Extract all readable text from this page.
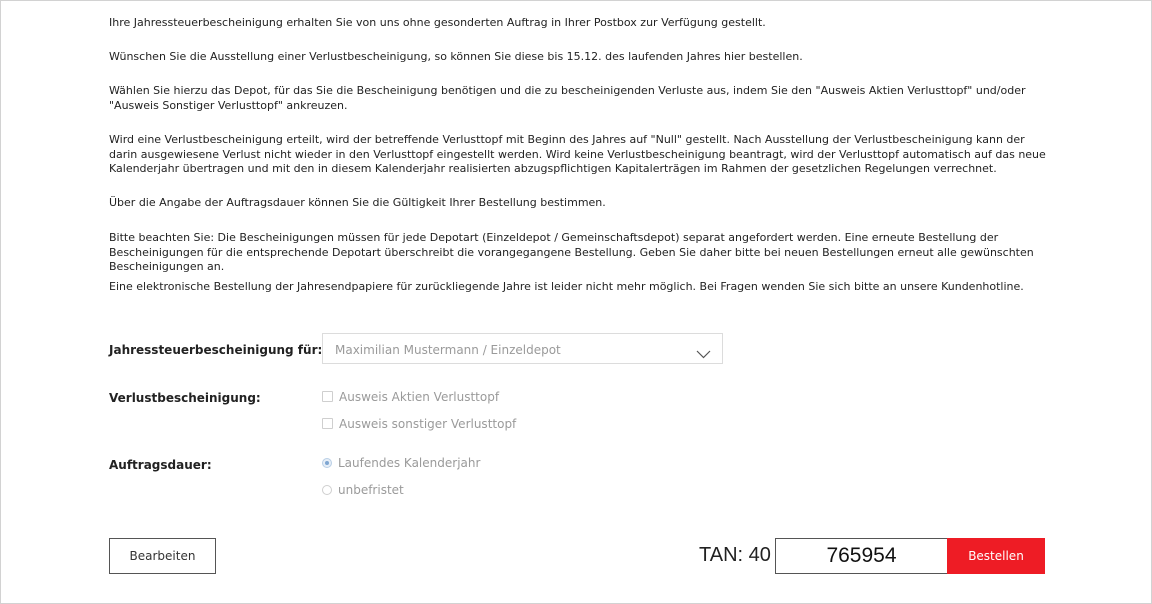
Ihre Jahressteuerbescheinigung erhalten Sie von uns ohne gesonderten Auftrag in Ihrer Postbox zur Verfügung gestellt.

Wünschen Sie die Ausstellung einer Verlustbescheinigung, so können Sie diese bis 15.12. des laufenden Jahres hier bestellen.

Wählen Sie hierzu das Depot, für das Sie die Bescheinigung benötigen und die zu bescheinigenden Verluste aus, indem Sie den "Ausweis Aktien Verlusttopf" und/oder "Ausweis Sonstiger Verlusttopf" ankreuzen.

Wird eine Verlustbescheinigung erteilt, wird der betreffende Verlusttopf mit Beginn des Jahres auf "Null" gestellt. Nach Ausstellung der Verlustbescheinigung kann der darin ausgewiesene Verlust nicht wieder in den Verlusttopf eingestellt werden. Wird keine Verlustbescheinigung beantragt, wird der Verlusttopf automatisch auf das neue Kalenderjahr übertragen und mit den in diesem Kalenderjahr realisierten abzugspflichtigen Kapitalerträgen im Rahmen der gesetzlichen Regelungen verrechnet.

Über die Angabe der Auftragsdauer können Sie die Gültigkeit Ihrer Bestellung bestimmen.

Bitte beachten Sie: Die Bescheinigungen müssen für jede Depotart (Einzeldepot / Gemeinschaftsdepot) separat angefordert werden. Eine erneute Bestellung der Bescheinigungen für die entsprechende Depotart überschreibt die vorangegangene Bestellung. Geben Sie daher bitte bei neuen Bestellungen erneut alle gewünschten Bescheinigungen an.

Eine elektronische Bestellung der Jahresendpapiere für zurückliegende Jahre ist leider nicht mehr möglich. Bei Fragen wenden Sie sich bitte an unsere Kundenhotline.

Jahressteuerbescheinigung für: Maximilian Mustermann / Einzeldepot
Verlustbescheinigung:	Ausweis Aktien Verlusttopf
Ausweis sonstiger Verlusttopf
Auftragsdauer:	Laufendes Kalenderjahr
unbefristet
Bearbeiten	TAN: 40
765954	Bestellen
